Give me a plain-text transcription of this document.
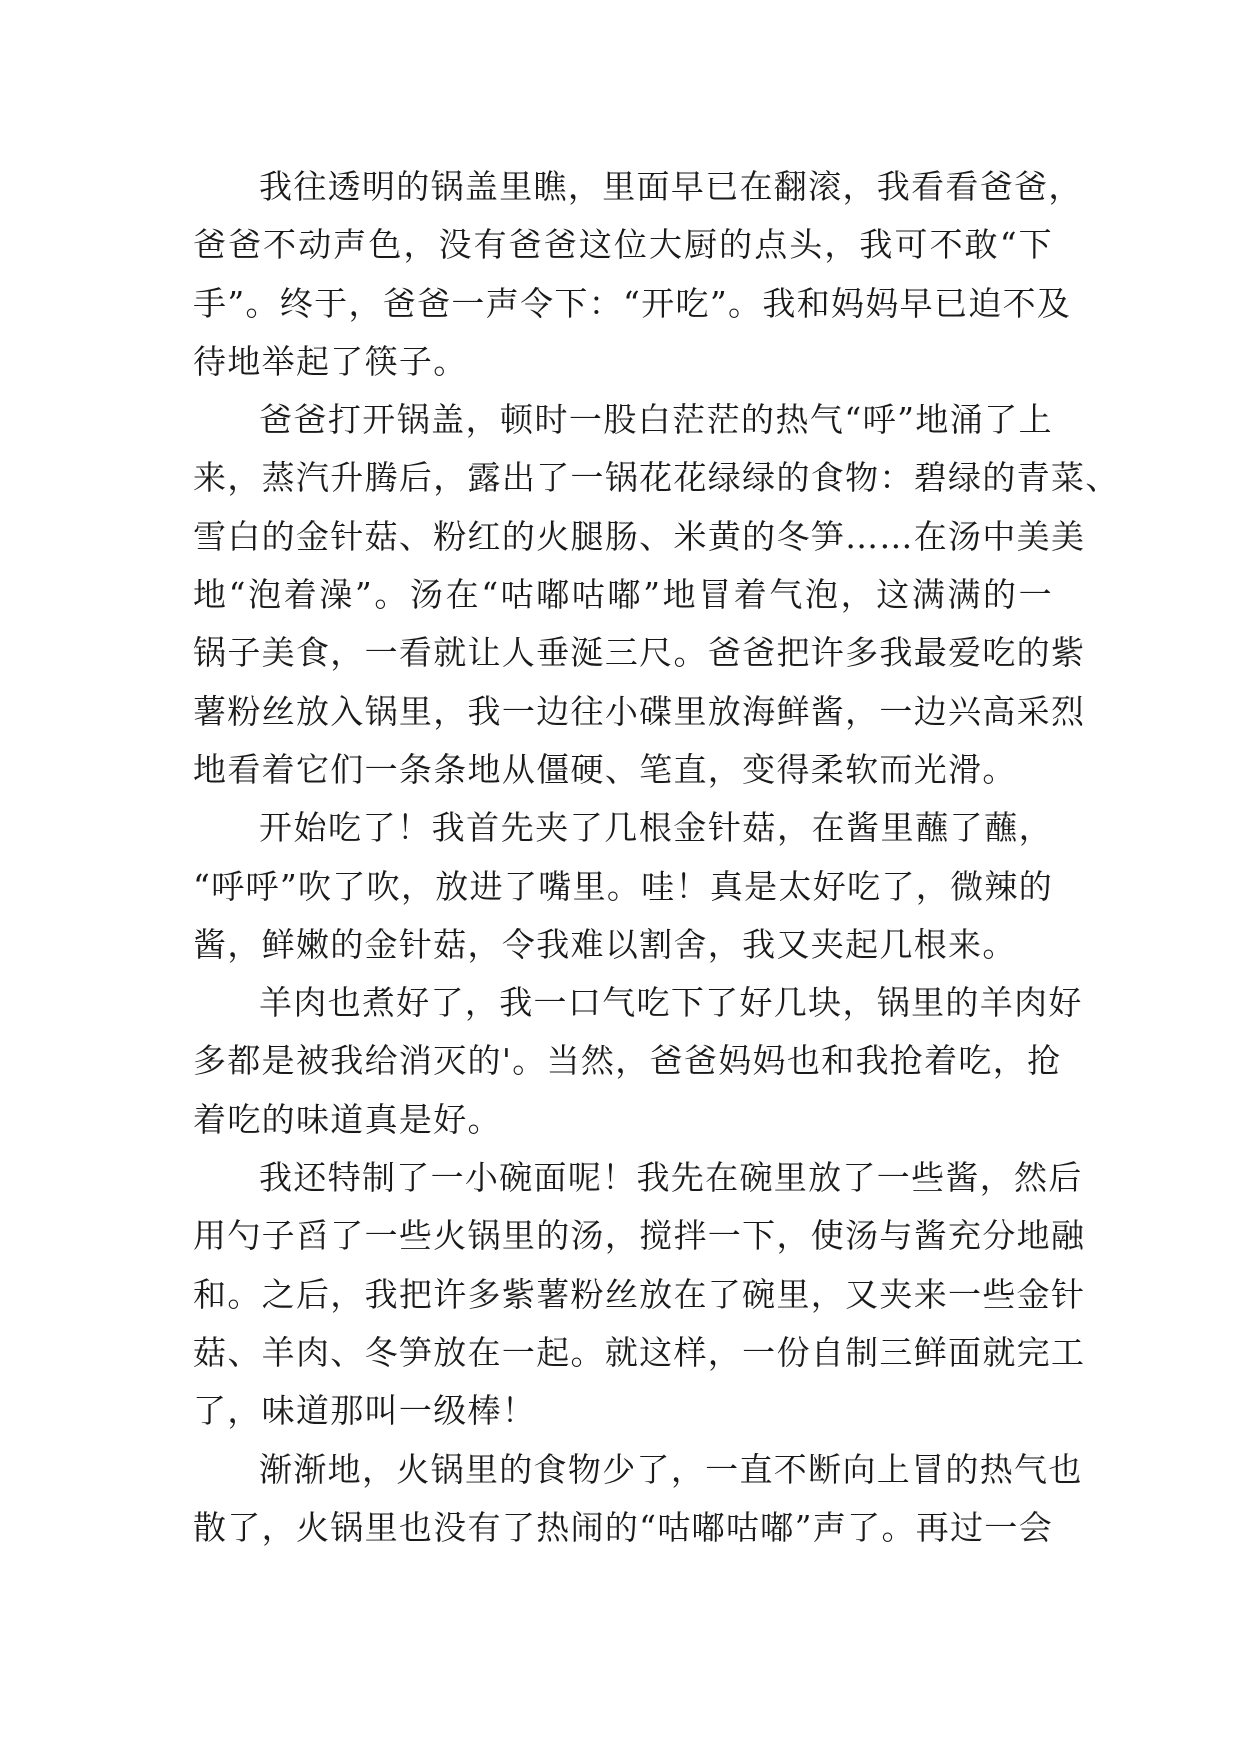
我往透明的锅盖里瞧，里面早已在翻滚，我看看爸爸，
爸爸不动声色，没有爸爸这位大厨的点头，我可不敢“下
手”。终于，爸爸一声令下：“开吃”。我和妈妈早已迫不及
待地举起了筷子。
爸爸打开锅盖，顿时一股白茫茫的热气“呼”地涌了上
来，蒸汽升腾后，露出了一锅花花绿绿的食物：碧绿的青菜、
雪白的金针菇、粉红的火腿肠、米黄的冬笋……在汤中美美
地“泡着澡”。汤在“咕嘟咕嘟”地冒着气泡，这满满的一
锅子美食，一看就让人垂涎三尺。爸爸把许多我最爱吃的紫
薯粉丝放入锅里，我一边往小碟里放海鲜酱，一边兴高采烈
地看着它们一条条地从僵硬、笔直，变得柔软而光滑。
开始吃了！我首先夹了几根金针菇，在酱里蘸了蘸，
“呼呼”吹了吹，放进了嘴里。哇！真是太好吃了，微辣的
酱，鲜嫩的金针菇，令我难以割舍，我又夹起几根来。
羊肉也煮好了，我一口气吃下了好几块，锅里的羊肉好
多都是被我给消灭的'。当然，爸爸妈妈也和我抢着吃，抢
着吃的味道真是好。
我还特制了一小碗面呢！我先在碗里放了一些酱，然后
用勺子舀了一些火锅里的汤，搅拌一下，使汤与酱充分地融
和。之后，我把许多紫薯粉丝放在了碗里，又夹来一些金针
菇、羊肉、冬笋放在一起。就这样，一份自制三鲜面就完工
了，味道那叫一级棒！
渐渐地，火锅里的食物少了，一直不断向上冒的热气也
散了，火锅里也没有了热闹的“咕嘟咕嘟”声了。再过一会
